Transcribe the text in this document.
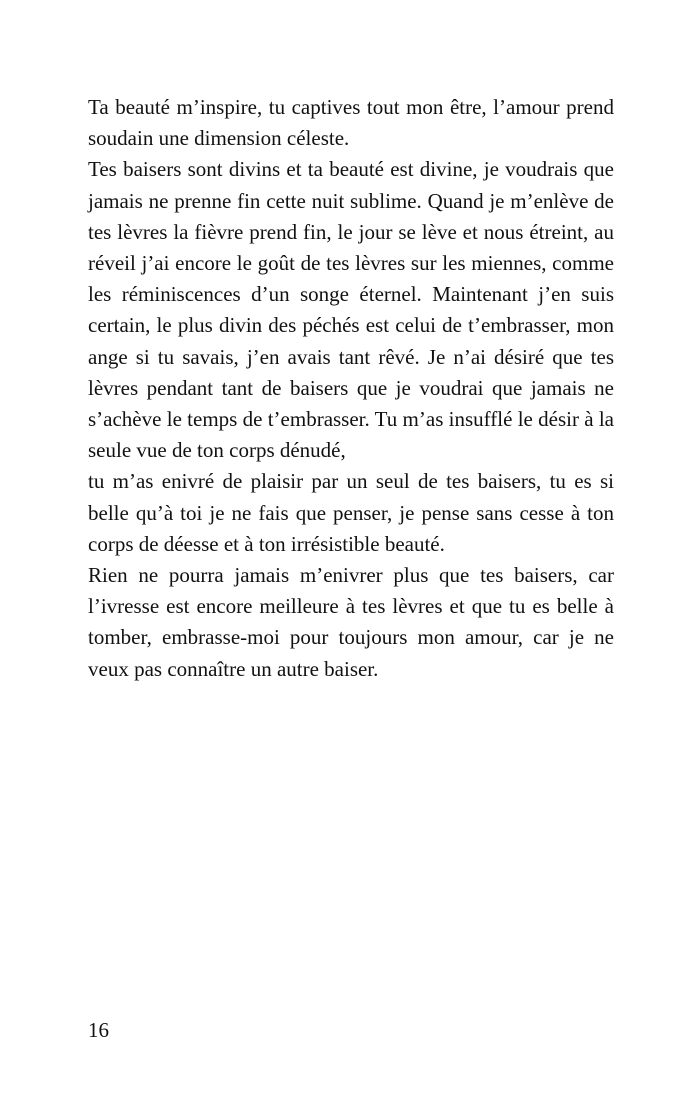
Ta beauté m’inspire, tu captives tout mon être, l’amour prend soudain une dimension céleste.

Tes baisers sont divins et ta beauté est divine, je voudrais que jamais ne prenne fin cette nuit sublime. Quand je m’enlève de tes lèvres la fièvre prend fin, le jour se lève et nous étreint, au réveil j’ai encore le goût de tes lèvres sur les miennes, comme les réminiscences d’un songe éternel. Maintenant j’en suis certain, le plus divin des péchés est celui de t’embrasser, mon ange si tu savais, j’en avais tant rêvé. Je n’ai désiré que tes lèvres pendant tant de baisers que je voudrai que jamais ne s’achève le temps de t’embrasser. Tu m’as insufflé le désir à la seule vue de ton corps dénudé,

tu m’as enivré de plaisir par un seul de tes baisers, tu es si belle qu’à toi je ne fais que penser, je pense sans cesse à ton corps de déesse et à ton irrésistible beauté.

Rien ne pourra jamais m’enivrer plus que tes baisers, car l’ivresse est encore meilleure à tes lèvres et que tu es belle à tomber, embrasse-moi pour toujours mon amour, car je ne veux pas connaître un autre baiser.

16
